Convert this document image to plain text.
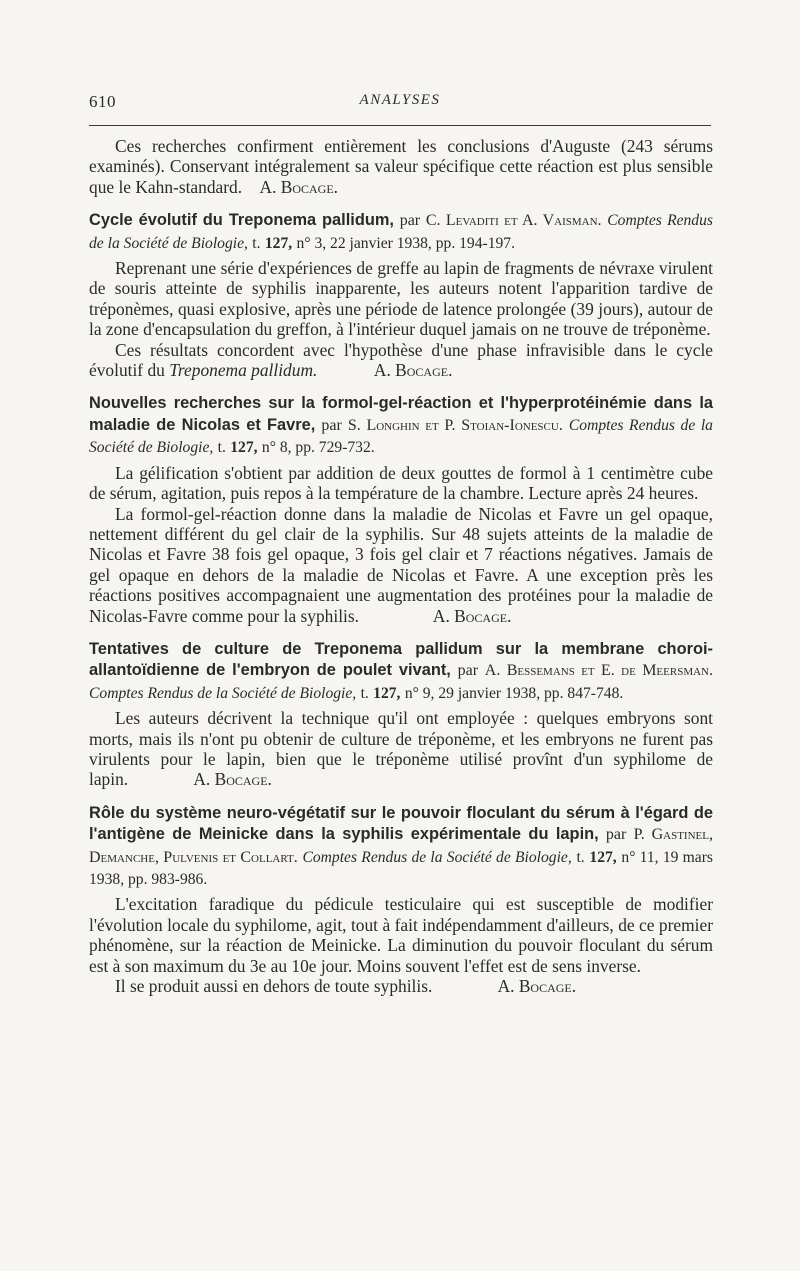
610	ANALYSES

Ces recherches confirment entièrement les conclusions d'Auguste (243 sérums examinés). Conservant intégralement sa valeur spécifique cette réaction est plus sensible que le Kahn-standard. A. Bocage.

Cycle évolutif du Treponema pallidum, par C. Levaditi et A. Vaisman. Comptes Rendus de la Société de Biologie, t. 127, n° 3, 22 janvier 1938, pp. 194-197.

Reprenant une série d'expériences de greffe au lapin de fragments de névraxe virulent de souris atteinte de syphilis inapparente, les auteurs notent l'apparition tardive de tréponèmes, quasi explosive, après une période de latence prolongée (39 jours), autour de la zone d'encapsulation du greffon, à l'intérieur duquel jamais on ne trouve de tréponème.

Ces résultats concordent avec l'hypothèse d'une phase infravisible dans le cycle évolutif du Treponema pallidum.	A. Bocage.

Nouvelles recherches sur la formol-gel-réaction et l'hyperprotéinémie dans la maladie de Nicolas et Favre, par S. Longhin et P. Stoian-Ionescu. Comptes Rendus de la Société de Biologie, t. 127, n° 8, pp. 729-732.

La gélification s'obtient par addition de deux gouttes de formol à 1 centimètre cube de sérum, agitation, puis repos à la température de la chambre. Lecture après 24 heures.

La formol-gel-réaction donne dans la maladie de Nicolas et Favre un gel opaque, nettement différent du gel clair de la syphilis. Sur 48 sujets atteints de la maladie de Nicolas et Favre 38 fois gel opaque, 3 fois gel clair et 7 réactions négatives. Jamais de gel opaque en dehors de la maladie de Nicolas et Favre. A une exception près les réactions positives accompagnaient une augmentation des protéines pour la maladie de Nicolas-Favre comme pour la syphilis.	A. Bocage.

Tentatives de culture de Treponema pallidum sur la membrane choroi-allantoïdienne de l'embryon de poulet vivant, par A. Bessemans et E. de Meersman. Comptes Rendus de la Société de Biologie, t. 127, n° 9, 29 janvier 1938, pp. 847-748.

Les auteurs décrivent la technique qu'il ont employée : quelques embryons sont morts, mais ils n'ont pu obtenir de culture de tréponème, et les embryons ne furent pas virulents pour le lapin, bien que le tréponème utilisé provînt d'un syphilome de lapin.	A. Bocage.

Rôle du système neuro-végétatif sur le pouvoir floculant du sérum à l'égard de l'antigène de Meinicke dans la syphilis expérimentale du lapin, par P. Gastinel, Demanche, Pulvenis et Collart. Comptes Rendus de la Société de Biologie, t. 127, n° 11, 19 mars 1938, pp. 983-986.

L'excitation faradique du pédicule testiculaire qui est susceptible de modifier l'évolution locale du syphilome, agit, tout à fait indépendamment d'ailleurs, de ce premier phénomène, sur la réaction de Meinicke. La diminution du pouvoir floculant du sérum est à son maximum du 3e au 10e jour. Moins souvent l'effet est de sens inverse.

Il se produit aussi en dehors de toute syphilis.	A. Bocage.
